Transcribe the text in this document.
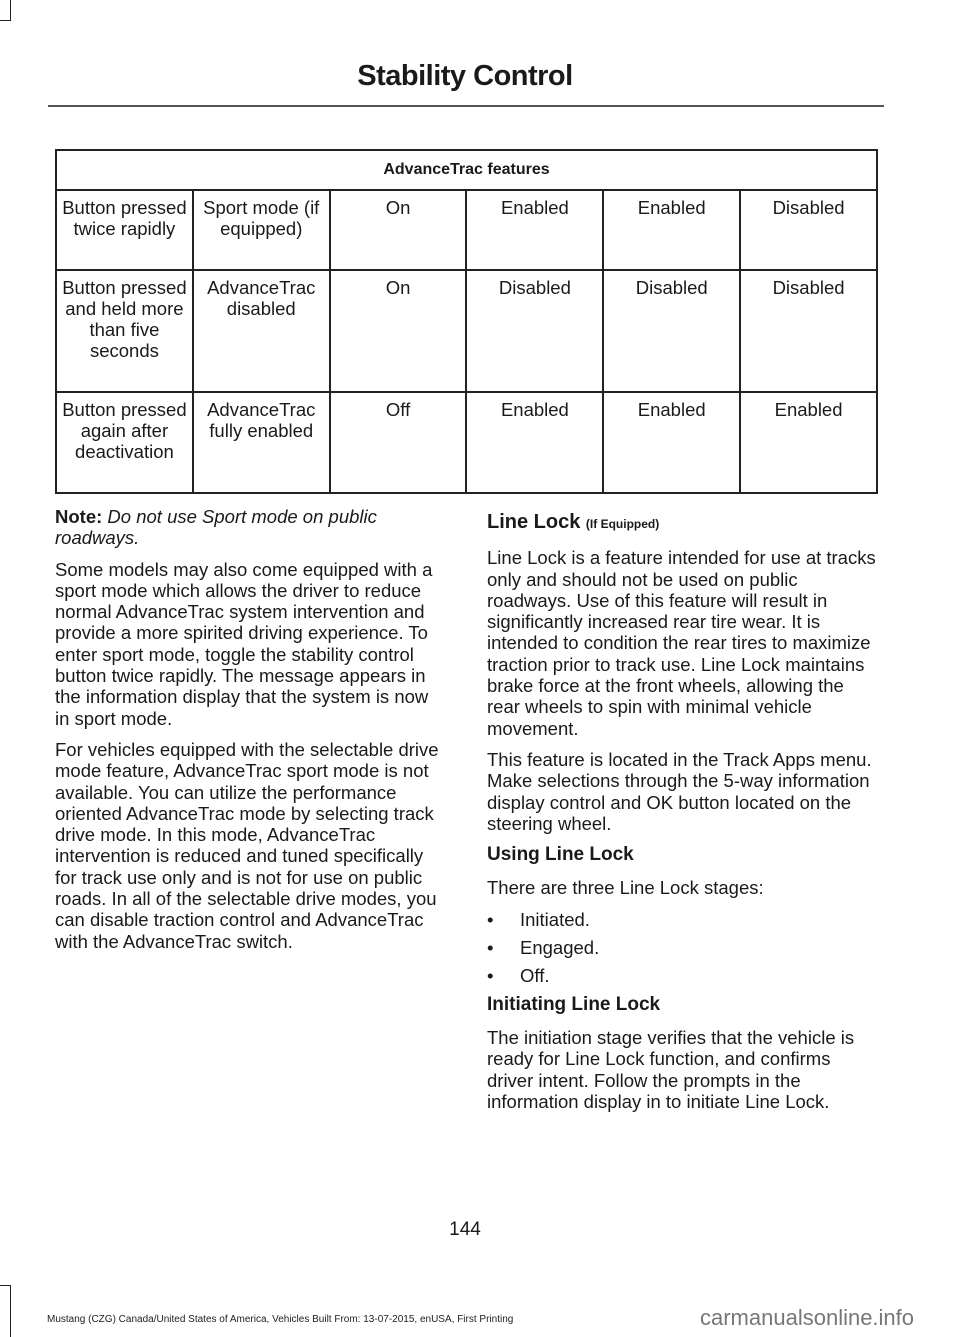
Stability Control
AdvanceTrac features					
Button pressed twice rapidly	Sport mode (if equipped)	On	Enabled	Enabled	Disabled
Button pressed and held more than five seconds	AdvanceTrac disabled	On	Disabled	Disabled	Disabled
Button pressed again after deactivation	AdvanceTrac fully enabled	Off	Enabled	Enabled	Enabled

Note: Do not use Sport mode on public roadways.

Some models may also come equipped with a sport mode which allows the driver to reduce normal AdvanceTrac system intervention and provide a more spirited driving experience. To enter sport mode, toggle the stability control button twice rapidly. The message appears in the information display that the system is now in sport mode.

For vehicles equipped with the selectable drive mode feature, AdvanceTrac sport mode is not available. You can utilize the performance oriented AdvanceTrac mode by selecting track drive mode. In this mode, AdvanceTrac intervention is reduced and tuned specifically for track use only and is not for use on public roads. In all of the selectable drive modes, you can disable traction control and AdvanceTrac with the AdvanceTrac switch.

Line Lock (If Equipped)

Line Lock is a feature intended for use at tracks only and should not be used on public roadways. Use of this feature will result in significantly increased rear tire wear. It is intended to condition the rear tires to maximize traction prior to track use. Line Lock maintains brake force at the front wheels, allowing the rear wheels to spin with minimal vehicle movement.

This feature is located in the Track Apps menu. Make selections through the 5-way information display control and OK button located on the steering wheel.

Using Line Lock

There are three Line Lock stages:

• Initiated.
• Engaged.
• Off.
Initiating Line Lock

The initiation stage verifies that the vehicle is ready for Line Lock function, and confirms driver intent. Follow the prompts in the information display in to initiate Line Lock.

144
Mustang (CZG) Canada/United States of America, Vehicles Built From: 13-07-2015, enUSA, First Printing	carmanualsonline.info
